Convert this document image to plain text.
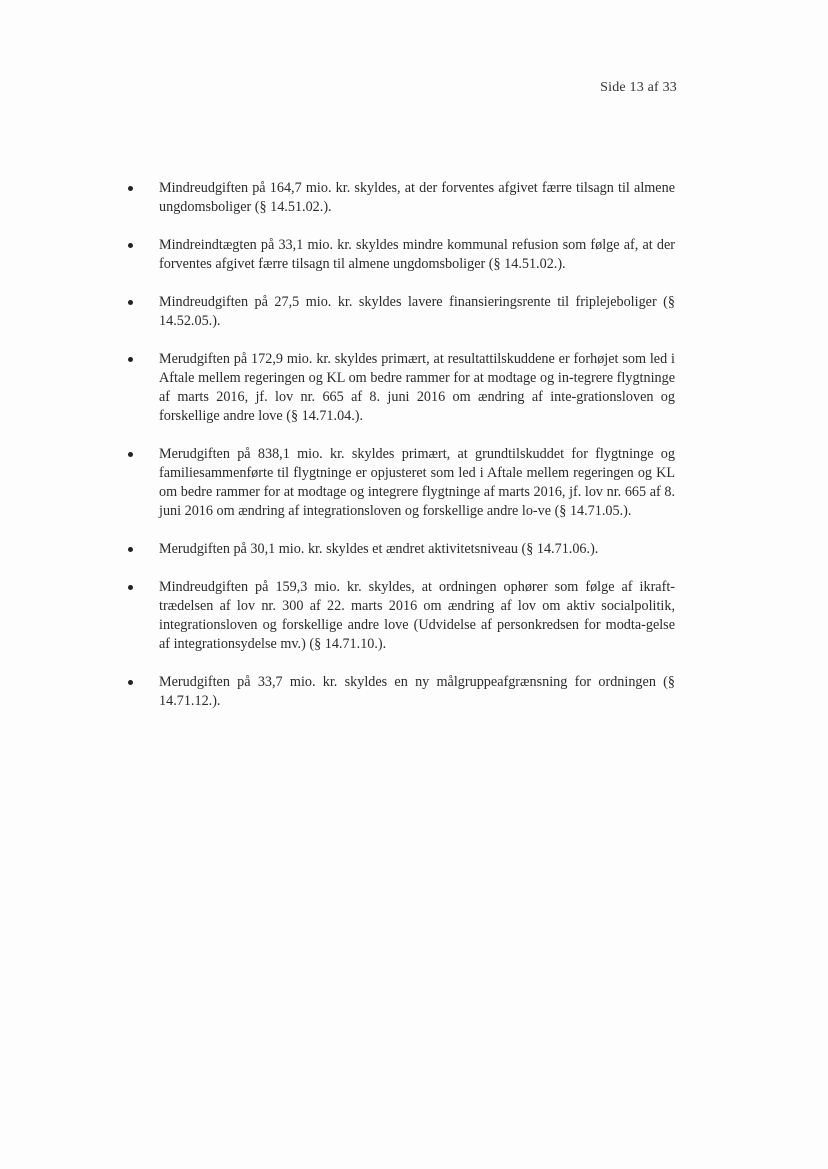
Side 13 af 33
Mindreudgiften på 164,7 mio. kr. skyldes, at der forventes afgivet færre tilsagn til almene ungdomsboliger (§ 14.51.02.).
Mindreindtægten på 33,1 mio. kr. skyldes mindre kommunal refusion som følge af, at der forventes afgivet færre tilsagn til almene ungdomsboliger (§ 14.51.02.).
Mindreudgiften på 27,5 mio. kr. skyldes lavere finansieringsrente til friplejeboliger (§ 14.52.05.).
Merudgiften på 172,9 mio. kr. skyldes primært, at resultattilskuddene er forhøjet som led i Aftale mellem regeringen og KL om bedre rammer for at modtage og in-tegrere flygtninge af marts 2016, jf. lov nr. 665 af 8. juni 2016 om ændring af inte-grationsloven og forskellige andre love (§ 14.71.04.).
Merudgiften på 838,1 mio. kr. skyldes primært, at grundtilskuddet for flygtninge og familiesammenførte til flygtninge er opjusteret som led i Aftale mellem regeringen og KL om bedre rammer for at modtage og integrere flygtninge af marts 2016, jf. lov nr. 665 af 8. juni 2016 om ændring af integrationsloven og forskellige andre lo-ve (§ 14.71.05.).
Merudgiften på 30,1 mio. kr. skyldes et ændret aktivitetsniveau (§ 14.71.06.).
Mindreudgiften på 159,3 mio. kr. skyldes, at ordningen ophører som følge af ikraft-trædelsen af lov nr. 300 af 22. marts 2016 om ændring af lov om aktiv socialpolitik, integrationsloven og forskellige andre love (Udvidelse af personkredsen for modta-gelse af integrationsydelse mv.) (§ 14.71.10.).
Merudgiften på 33,7 mio. kr. skyldes en ny målgruppeafgrænsning for ordningen (§ 14.71.12.).
